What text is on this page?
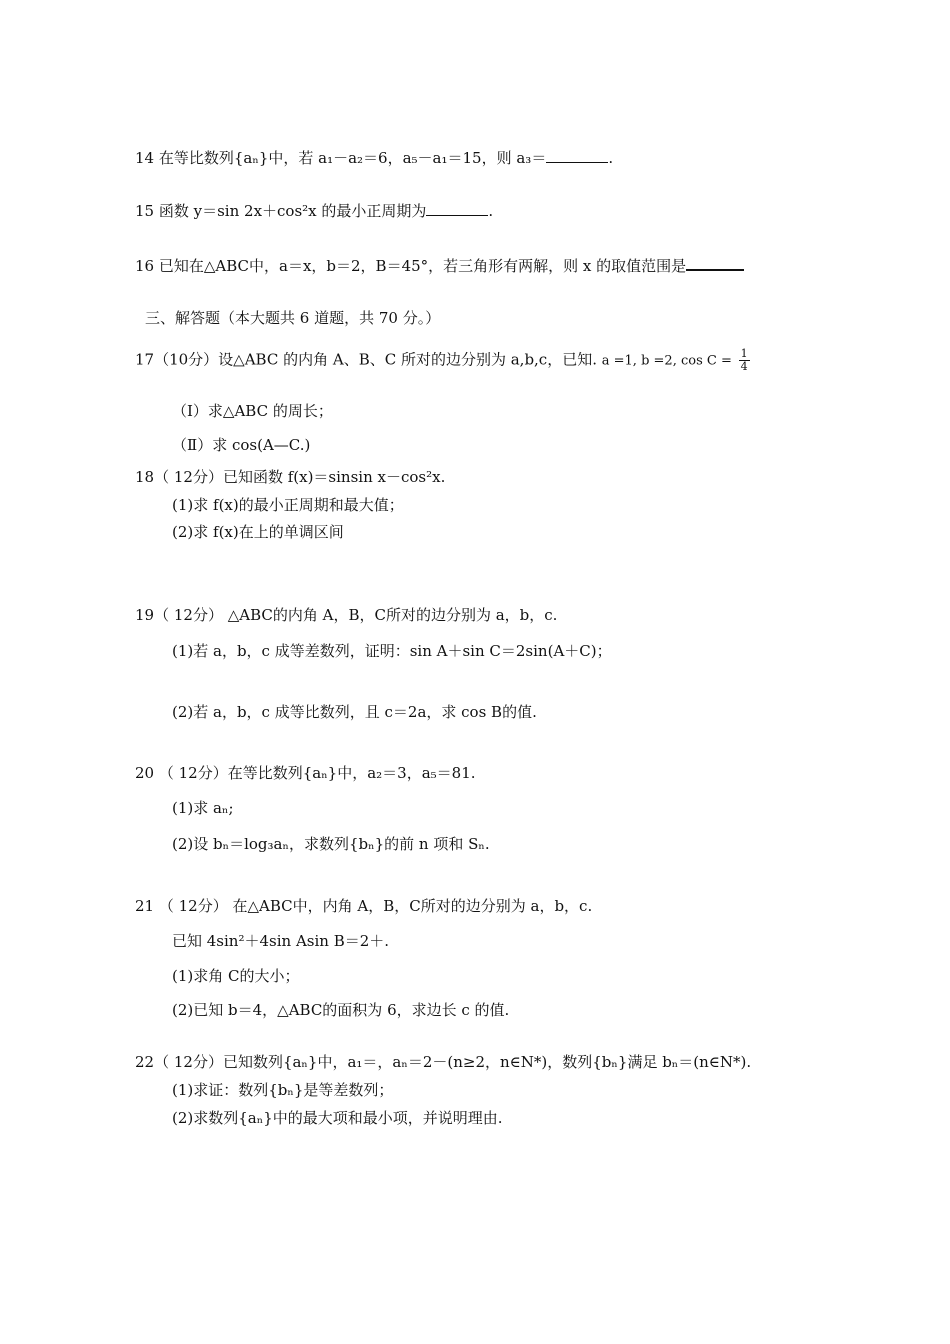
14 在等比数列{aₙ}中，若 a₁－a₂＝6，a₅－a₁＝15，则 a₃＝	.
15 函数 y＝sin 2x＋cos²x 的最小正周期为	.
16 已知在△ABC中，a＝x，b＝2，B＝45°，若三角形有两解，则 x 的取值范围是
三、解答题（本大题共 6 道题，共 70 分。）
17（10分）设△ABC 的内角 A、B、C 所对的边分别为 a,b,c，已知. a =1, b =2, $\cos C = \frac{1}{4}$
（Ⅰ）求△ABC 的周长；
（Ⅱ）求 cos(A—C.)
18（ 12分）已知函数 f(x)＝sinsin x－cos²x.
(1)求 f(x)的最小正周期和最大值；
(2)求 f(x)在上的单调区间
19（ 12分） △ABC的内角 A，B，C所对的边分别为 a，b，c.
(1)若 a，b，c 成等差数列，证明：sin A＋sin C＝2sin(A＋C)；
(2)若 a，b，c 成等比数列，且 c＝2a，求 cos B的值.
20 （ 12分）在等比数列{aₙ}中，a₂＝3，a₅＝81.
(1)求 aₙ;
(2)设 bₙ＝log₃aₙ，求数列{bₙ}的前 n 项和 Sₙ.
21 （ 12分） 在△ABC中，内角 A，B，C所对的边分别为 a，b，c.
已知 4sin²＋4sin Asin B＝2＋.
(1)求角 C的大小；
(2)已知 b＝4，△ABC的面积为 6，求边长 c 的值.
22（ 12分）已知数列{aₙ}中，a₁＝，aₙ＝2－(n≥2，n∈N*)，数列{bₙ}满足 bₙ＝(n∈N*).
(1)求证：数列{bₙ}是等差数列；
(2)求数列{aₙ}中的最大项和最小项，并说明理由.
